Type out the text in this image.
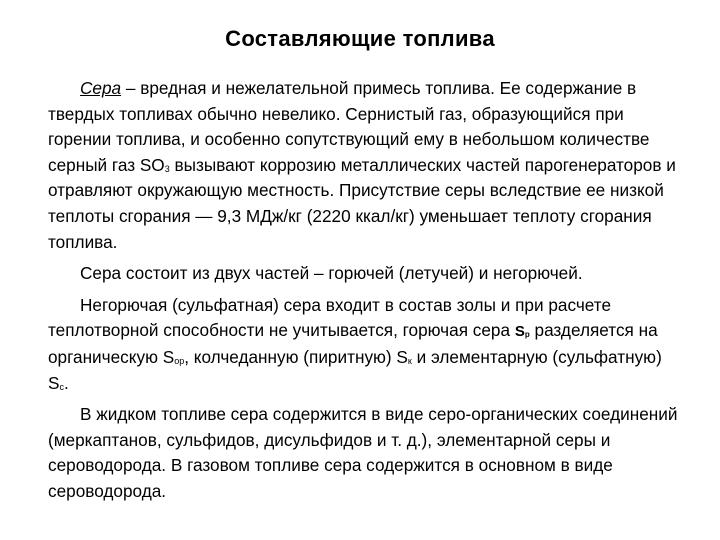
Составляющие топлива

Сера – вредная и нежелательной примесь топлива. Ее содержание в твердых топливах обычно невелико. Сернистый газ, образующийся при горении топлива, и особенно сопутствующий ему в небольшом количестве серный газ $SO_3$ вызывают коррозию металлических частей парогенераторов и отравляют окружающую местность. Присутствие серы вследствие ее низкой теплоты сгорания — 9,3 МДж/кг (2220 ккал/кг) уменьшает теплоту сгорания топлива.

Сера состоит из двух частей – горючей (летучей) и негорючей.

Негорючая (сульфатная) сера входит в состав золы и при расчете теплотворной способности не учитывается, горючая сера $S_р$ разделяется на органическую $S_{ор}$, колчеданную (пиритную) $S_к$ и элементарную (сульфатную) $S_с$.

В жидком топливе сера содержится в виде серо-органических соединений (меркаптанов, сульфидов, дисульфидов и т. д.), элементарной серы и сероводорода. В газовом топливе сера содержится в основном в виде сероводорода.
